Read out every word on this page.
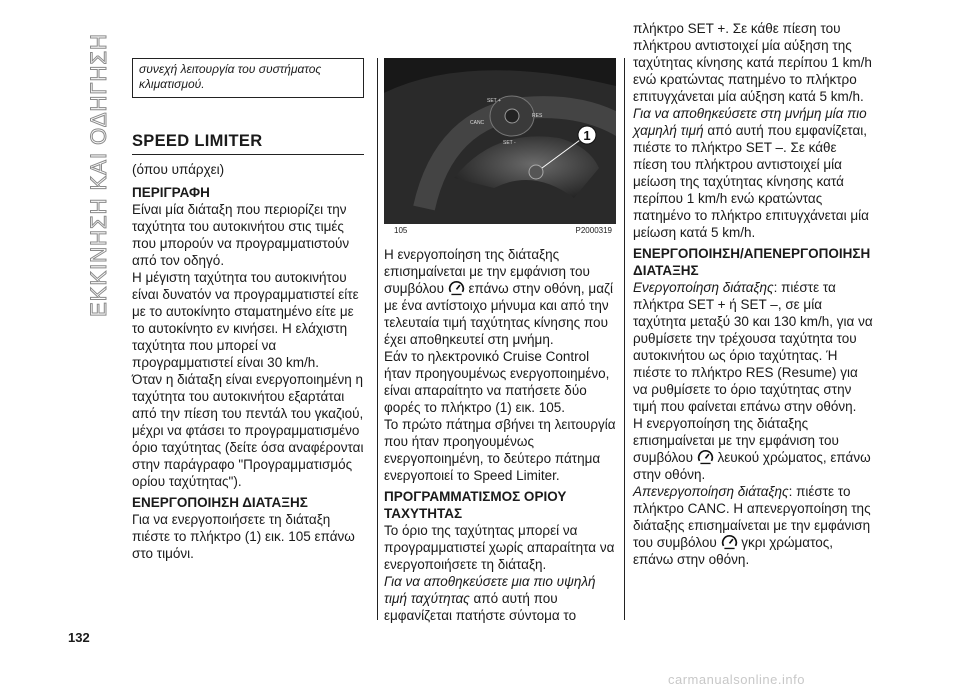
ΕΚΚΙΝΗΣΗ ΚΑΙ ΟΔΗΓΗΣΗ	συνεχή λειτουργία του συστήματος κλιματισμού.
SPEED LIMITER

(όπου υπάρχει)

ΠΕΡΙΓΡΑΦΗ

Είναι μία διάταξη που περιορίζει την ταχύτητα του αυτοκινήτου στις τιμές που μπορούν να προγραμματιστούν από τον οδηγό.

Η μέγιστη ταχύτητα του αυτοκινήτου είναι δυνατόν να προγραμματιστεί είτε με το αυτοκίνητο σταματημένο είτε με το αυτοκίνητο εν κινήσει. Η ελάχιστη ταχύτητα που μπορεί να προγραμματιστεί είναι 30 km/h.

Όταν η διάταξη είναι ενεργοποιημένη η ταχύτητα του αυτοκινήτου εξαρτάται από την πίεση του πεντάλ του γκαζιού, μέχρι να φτάσει το προγραμματισμένο όριο ταχύτητας (δείτε όσα αναφέρονται στην παράγραφο "Προγραμματισμός ορίου ταχύτητας").

ΕΝΕΡΓΟΠΟΙΗΣΗ ΔΙΑΤΑΞΗΣ

Για να ενεργοποιήσετε τη διάταξη πιέστε το πλήκτρο (1) εικ. 105 επάνω στο τιμόνι.

SET +
CANC
RES
SET -	1
105	P2000319

Η ενεργοποίηση της διάταξης επισημαίνεται με την εμφάνιση του συμβόλου επάνω στην οθόνη, μαζί με ένα αντίστοιχο μήνυμα και από την τελευταία τιμή ταχύτητας κίνησης που έχει αποθηκευτεί στη μνήμη.

Εάν το ηλεκτρονικό Cruise Control ήταν προηγουμένως ενεργοποιημένο, είναι απαραίτητο να πατήσετε δύο φορές το πλήκτρο (1) εικ. 105.

Το πρώτο πάτημα σβήνει τη λειτουργία που ήταν προηγουμένως ενεργοποιημένη, το δεύτερο πάτημα ενεργοποιεί το Speed Limiter.

ΠΡΟΓΡΑΜΜΑΤΙΣΜΟΣ ΟΡΙΟΥ ΤΑΧΥΤΗΤΑΣ

Το όριο της ταχύτητας μπορεί να προγραμματιστεί χωρίς απαραίτητα να ενεργοποιήσετε τη διάταξη.

Για να αποθηκεύσετε μια πιο υψηλή τιμή ταχύτητας από αυτή που εμφανίζεται πατήστε σύντομα το

πλήκτρο SET +. Σε κάθε πίεση του πλήκτρου αντιστοιχεί μία αύξηση της ταχύτητας κίνησης κατά περίπου 1 km/h ενώ κρατώντας πατημένο το πλήκτρο επιτυγχάνεται μία αύξηση κατά 5 km/h.

Για να αποθηκεύσετε στη μνήμη μία πιο χαμηλή τιμή από αυτή που εμφανίζεται, πιέστε το πλήκτρο SET –. Σε κάθε πίεση του πλήκτρου αντιστοιχεί μία μείωση της ταχύτητας κίνησης κατά περίπου 1 km/h ενώ κρατώντας πατημένο το πλήκτρο επιτυγχάνεται μία μείωση κατά 5 km/h.

ΕΝΕΡΓΟΠΟΙΗΣΗ/ΑΠΕΝΕΡΓΟΠΟΙΗΣΗ ΔΙΑΤΑΞΗΣ

Ενεργοποίηση διάταξης: πιέστε τα πλήκτρα SET + ή SET –, σε μία ταχύτητα μεταξύ 30 και 130 km/h, για να ρυθμίσετε την τρέχουσα ταχύτητα του αυτοκινήτου ως όριο ταχύτητας. Ή πιέστε το πλήκτρο RES (Resume) για να ρυθμίσετε το όριο ταχύτητας στην τιμή που φαίνεται επάνω στην οθόνη.

Η ενεργοποίηση της διάταξης επισημαίνεται με την εμφάνιση του συμβόλου λευκού χρώματος, επάνω στην οθόνη.

Απενεργοποίηση διάταξης: πιέστε το πλήκτρο CANC. Η απενεργοποίηση της διάταξης επισημαίνεται με την εμφάνιση του συμβόλου γκρι χρώματος, επάνω στην οθόνη.

132
carmanualsonline.info
